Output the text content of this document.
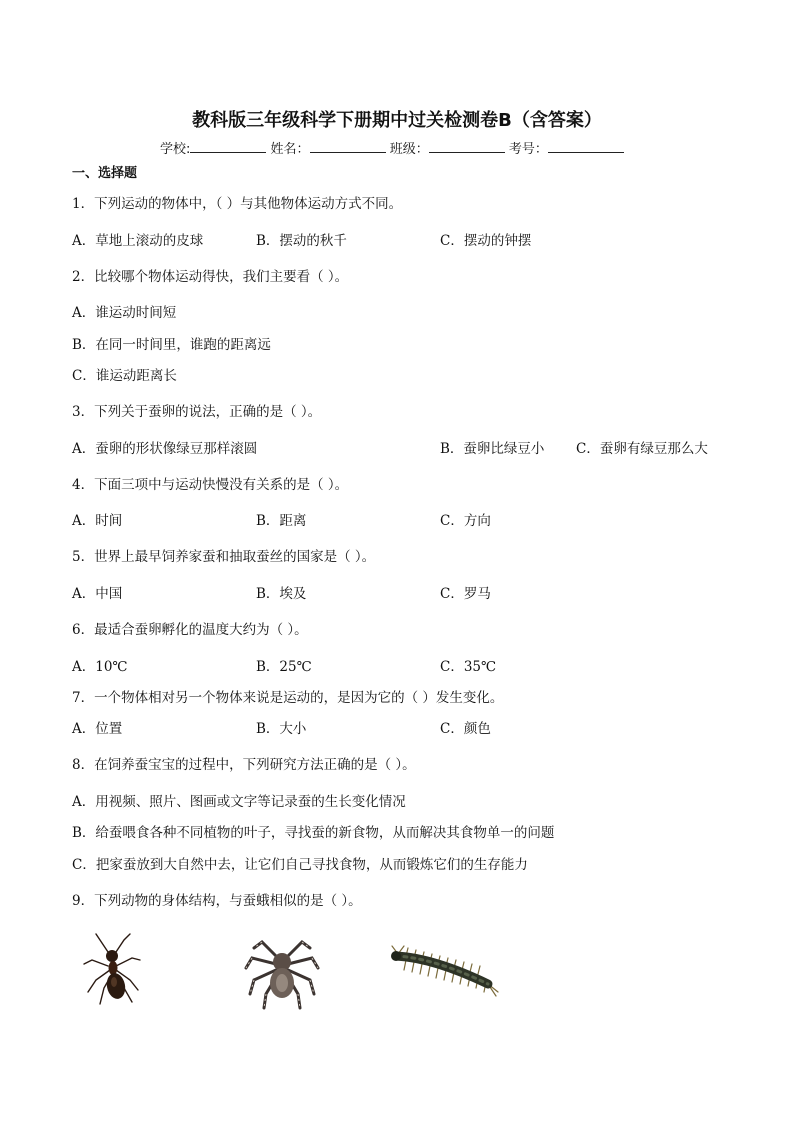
教科版三年级科学下册期中过关检测卷B（含答案）
学校:	姓名：	班级：	考号：
一、选择题
1．下列运动的物体中，（ ）与其他物体运动方式不同。
A．草地上滚动的皮球	B．摆动的秋千	C．摆动的钟摆
2．比较哪个物体运动得快，我们主要看（ ）。
A．谁运动时间短
B．在同一时间里，谁跑的距离远
C．谁运动距离长
3．下列关于蚕卵的说法，正确的是（ ）。
A．蚕卵的形状像绿豆那样滚圆	B．蚕卵比绿豆小 C．蚕卵有绿豆那么大
4．下面三项中与运动快慢没有关系的是（ ）。
A．时间	B．距离	C．方向
5．世界上最早饲养家蚕和抽取蚕丝的国家是（ ）。
A．中国	B．埃及	C．罗马
6．最适合蚕卵孵化的温度大约为（ ）。
A．10℃	B．25℃	C．35℃
7．一个物体相对另一个物体来说是运动的，是因为它的（ ）发生变化。
A．位置	B．大小	C．颜色
8．在饲养蚕宝宝的过程中，下列研究方法正确的是（ ）。
A．用视频、照片、图画或文字等记录蚕的生长变化情况
B．给蚕喂食各种不同植物的叶子，寻找蚕的新食物，从而解决其食物单一的问题
C．把家蚕放到大自然中去，让它们自己寻找食物，从而锻炼它们的生存能力
9．下列动物的身体结构，与蚕蛾相似的是（ ）。
